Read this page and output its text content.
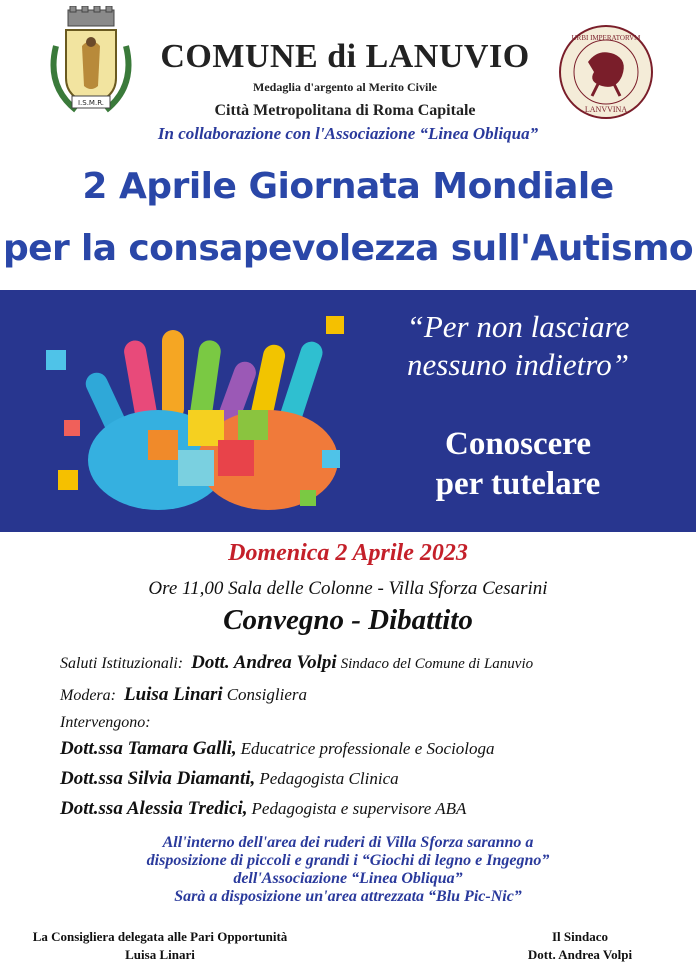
I.S.M.R.
URBI IMPERATORVM
LANVVINA
COMUNE di LANUVIO
Medaglia d'argento al Merito Civile
Città Metropolitana di Roma Capitale
In collaborazione con l'Associazione “Linea Obliqua”
2 Aprile Giornata Mondiale
per la consapevolezza sull'Autismo
“Per non lasciare
nessuno indietro”
Conoscere
per tutelare
Domenica 2 Aprile 2023
Ore 11,00 Sala delle Colonne - Villa Sforza Cesarini
Convegno - Dibattito
Saluti Istituzionali: Dott. Andrea Volpi Sindaco del Comune di Lanuvio
Modera: Luisa Linari Consigliera
Intervengono:
Dott.ssa Tamara Galli, Educatrice professionale e Sociologa
Dott.ssa Silvia Diamanti, Pedagogista Clinica
Dott.ssa Alessia Tredici, Pedagogista e supervisore ABA
All'interno dell'area dei ruderi di Villa Sforza saranno a
disposizione di piccoli e grandi i “Giochi di legno e Ingegno”
dell'Associazione “Linea Obliqua”
Sarà a disposizione un'area attrezzata “Blu Pic-Nic”
La Consigliera delegata alle Pari Opportunità
Luisa Linari
Il Sindaco
Dott. Andrea Volpi
